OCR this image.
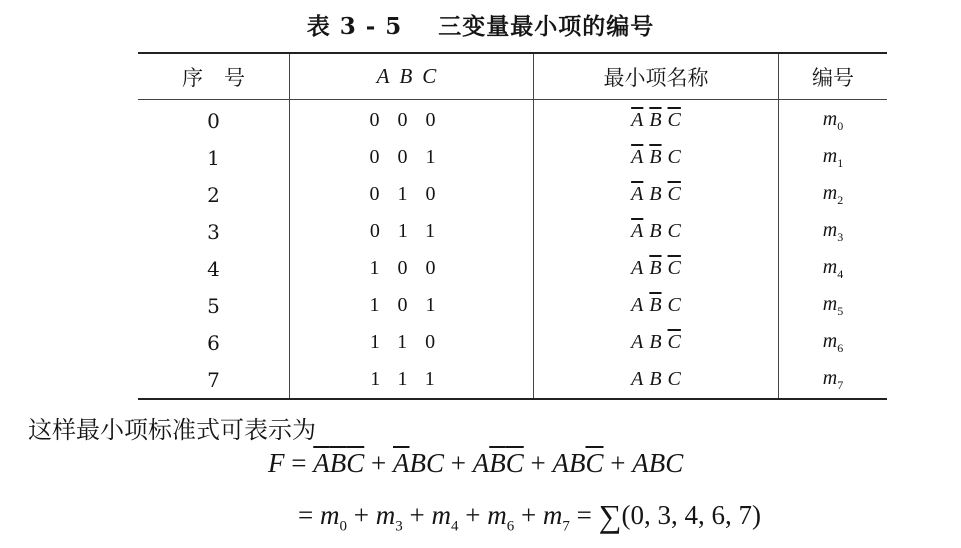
表 3 - 5 三变量最小项的编号
序　号	ABC	最小项名称	编号
0	000	$\overline{A}$ $\overline{B}$ $\overline{C}$	$m_0$
1	001	$\overline{A}$ $\overline{B}$ C	$m_1$
2	010	$\overline{A}$ B $\overline{C}$	$m_2$
3	011	$\overline{A}$ B C	$m_3$
4	100	A $\overline{B}$ $\overline{C}$	$m_4$
5	101	A $\overline{B}$ C	$m_5$
6	110	A B $\overline{C}$	$m_6$
7	111	A B C	$m_7$
这样最小项标准式可表示为
$F = \overline{A}\overline{B}\overline{C} + \overline{A}BC + A\overline{B}\overline{C} + AB\overline{C}$ + ABC
= $m_0 + m_3 + m_4 + m_6 + m_7 = \sum(0$, 3, 4, 6, 7)
